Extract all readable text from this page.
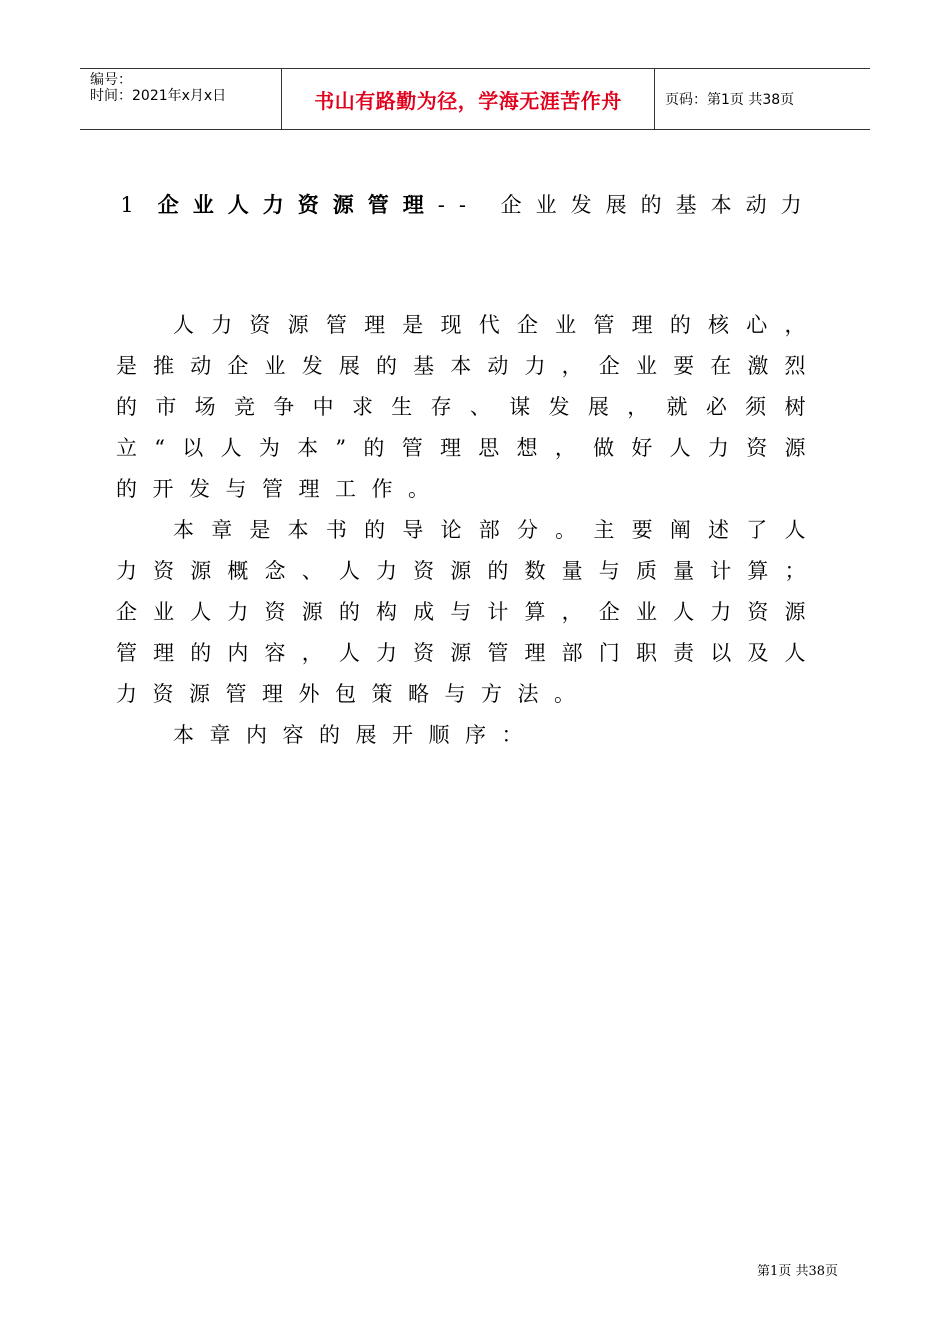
编号：
时间：2021年x月x日	书山有路勤为径，学海无涯苦作舟	页码：第1页 共38页
1 企业人力资源管理-- 企业发展的基本动力

人力资源管理是现代企业管理的核心，是推动企业发展的基本动力，企业要在激烈的市场竞争中求生存、谋发展，就必须树立“以人为本”的管理思想，做好人力资源的开发与管理工作。

本章是本书的导论部分。主要阐述了人力资源概念、人力资源的数量与质量计算；企业人力资源的构成与计算，企业人力资源管理的内容，人力资源管理部门职责以及人力资源管理外包策略与方法。

本章内容的展开顺序：

第1页 共38页
